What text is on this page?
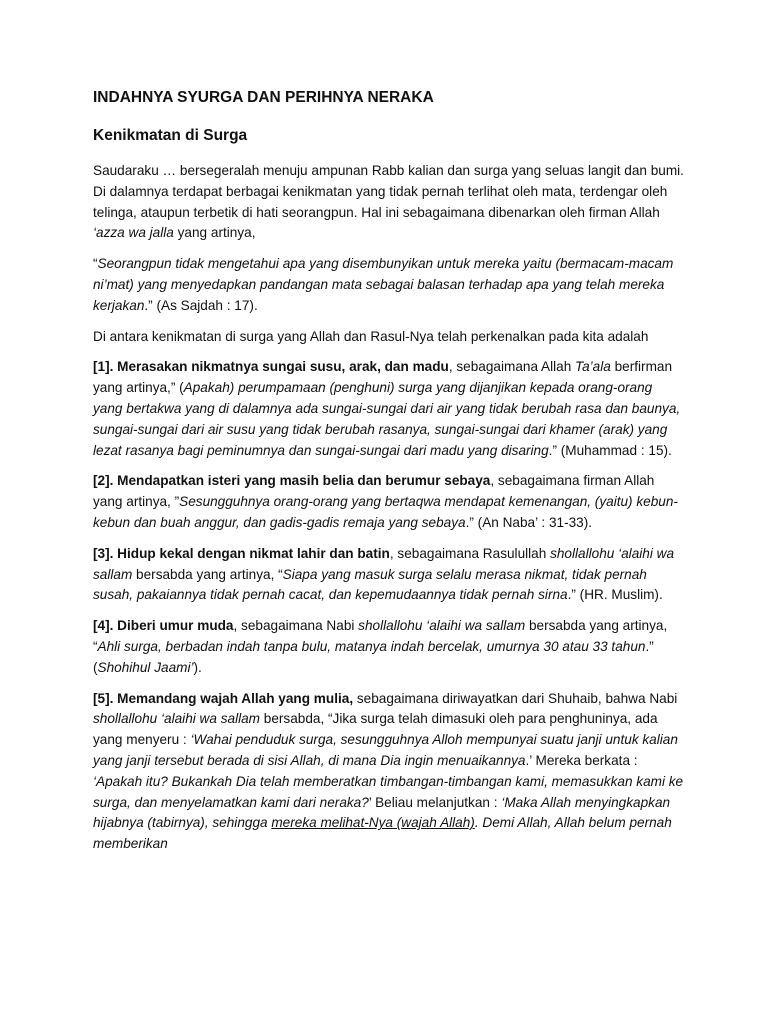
INDAHNYA SYURGA DAN PERIHNYA NERAKA
Kenikmatan di Surga

Saudaraku … bersegeralah menuju ampunan Rabb kalian dan surga yang seluas langit dan bumi. Di dalamnya terdapat berbagai kenikmatan yang tidak pernah terlihat oleh mata, terdengar oleh telinga, ataupun terbetik di hati seorangpun. Hal ini sebagaimana dibenarkan oleh firman Allah ‘azza wa jalla yang artinya,

“Seorangpun tidak mengetahui apa yang disembunyikan untuk mereka yaitu (bermacam-macam ni’mat) yang menyedapkan pandangan mata sebagai balasan terhadap apa yang telah mereka kerjakan.” (As Sajdah : 17).

Di antara kenikmatan di surga yang Allah dan Rasul-Nya telah perkenalkan pada kita adalah

[1]. Merasakan nikmatnya sungai susu, arak, dan madu, sebagaimana Allah Ta’ala berfirman yang artinya,” (Apakah) perumpamaan (penghuni) surga yang dijanjikan kepada orang-orang yang bertakwa yang di dalamnya ada sungai-sungai dari air yang tidak berubah rasa dan baunya, sungai-sungai dari air susu yang tidak berubah rasanya, sungai-sungai dari khamer (arak) yang lezat rasanya bagi peminumnya dan sungai-sungai dari madu yang disaring.” (Muhammad : 15).

[2]. Mendapatkan isteri yang masih belia dan berumur sebaya, sebagaimana firman Allah yang artinya, ”Sesungguhnya orang-orang yang bertaqwa mendapat kemenangan, (yaitu) kebun-kebun dan buah anggur, dan gadis-gadis remaja yang sebaya.” (An Naba’ : 31-33).

[3]. Hidup kekal dengan nikmat lahir dan batin, sebagaimana Rasulullah shollallohu ‘alaihi wa sallam bersabda yang artinya, “Siapa yang masuk surga selalu merasa nikmat, tidak pernah susah, pakaiannya tidak pernah cacat, dan kepemudaannya tidak pernah sirna.” (HR. Muslim).

[4]. Diberi umur muda, sebagaimana Nabi shollallohu ‘alaihi wa sallam bersabda yang artinya, “Ahli surga, berbadan indah tanpa bulu, matanya indah bercelak, umurnya 30 atau 33 tahun.” (Shohihul Jaami’).

[5]. Memandang wajah Allah yang mulia, sebagaimana diriwayatkan dari Shuhaib, bahwa Nabi shollallohu ‘alaihi wa sallam bersabda, “Jika surga telah dimasuki oleh para penghuninya, ada yang menyeru : ‘Wahai penduduk surga, sesungguhnya Alloh mempunyai suatu janji untuk kalian yang janji tersebut berada di sisi Allah, di mana Dia ingin menuaikannya.’ Mereka berkata : ‘Apakah itu? Bukankah Dia telah memberatkan timbangan-timbangan kami, memasukkan kami ke surga, dan menyelamatkan kami dari neraka?’ Beliau melanjutkan : ‘Maka Allah menyingkapkan hijabnya (tabirnya), sehingga mereka melihat-Nya (wajah Allah). Demi Allah, Allah belum pernah memberikan
